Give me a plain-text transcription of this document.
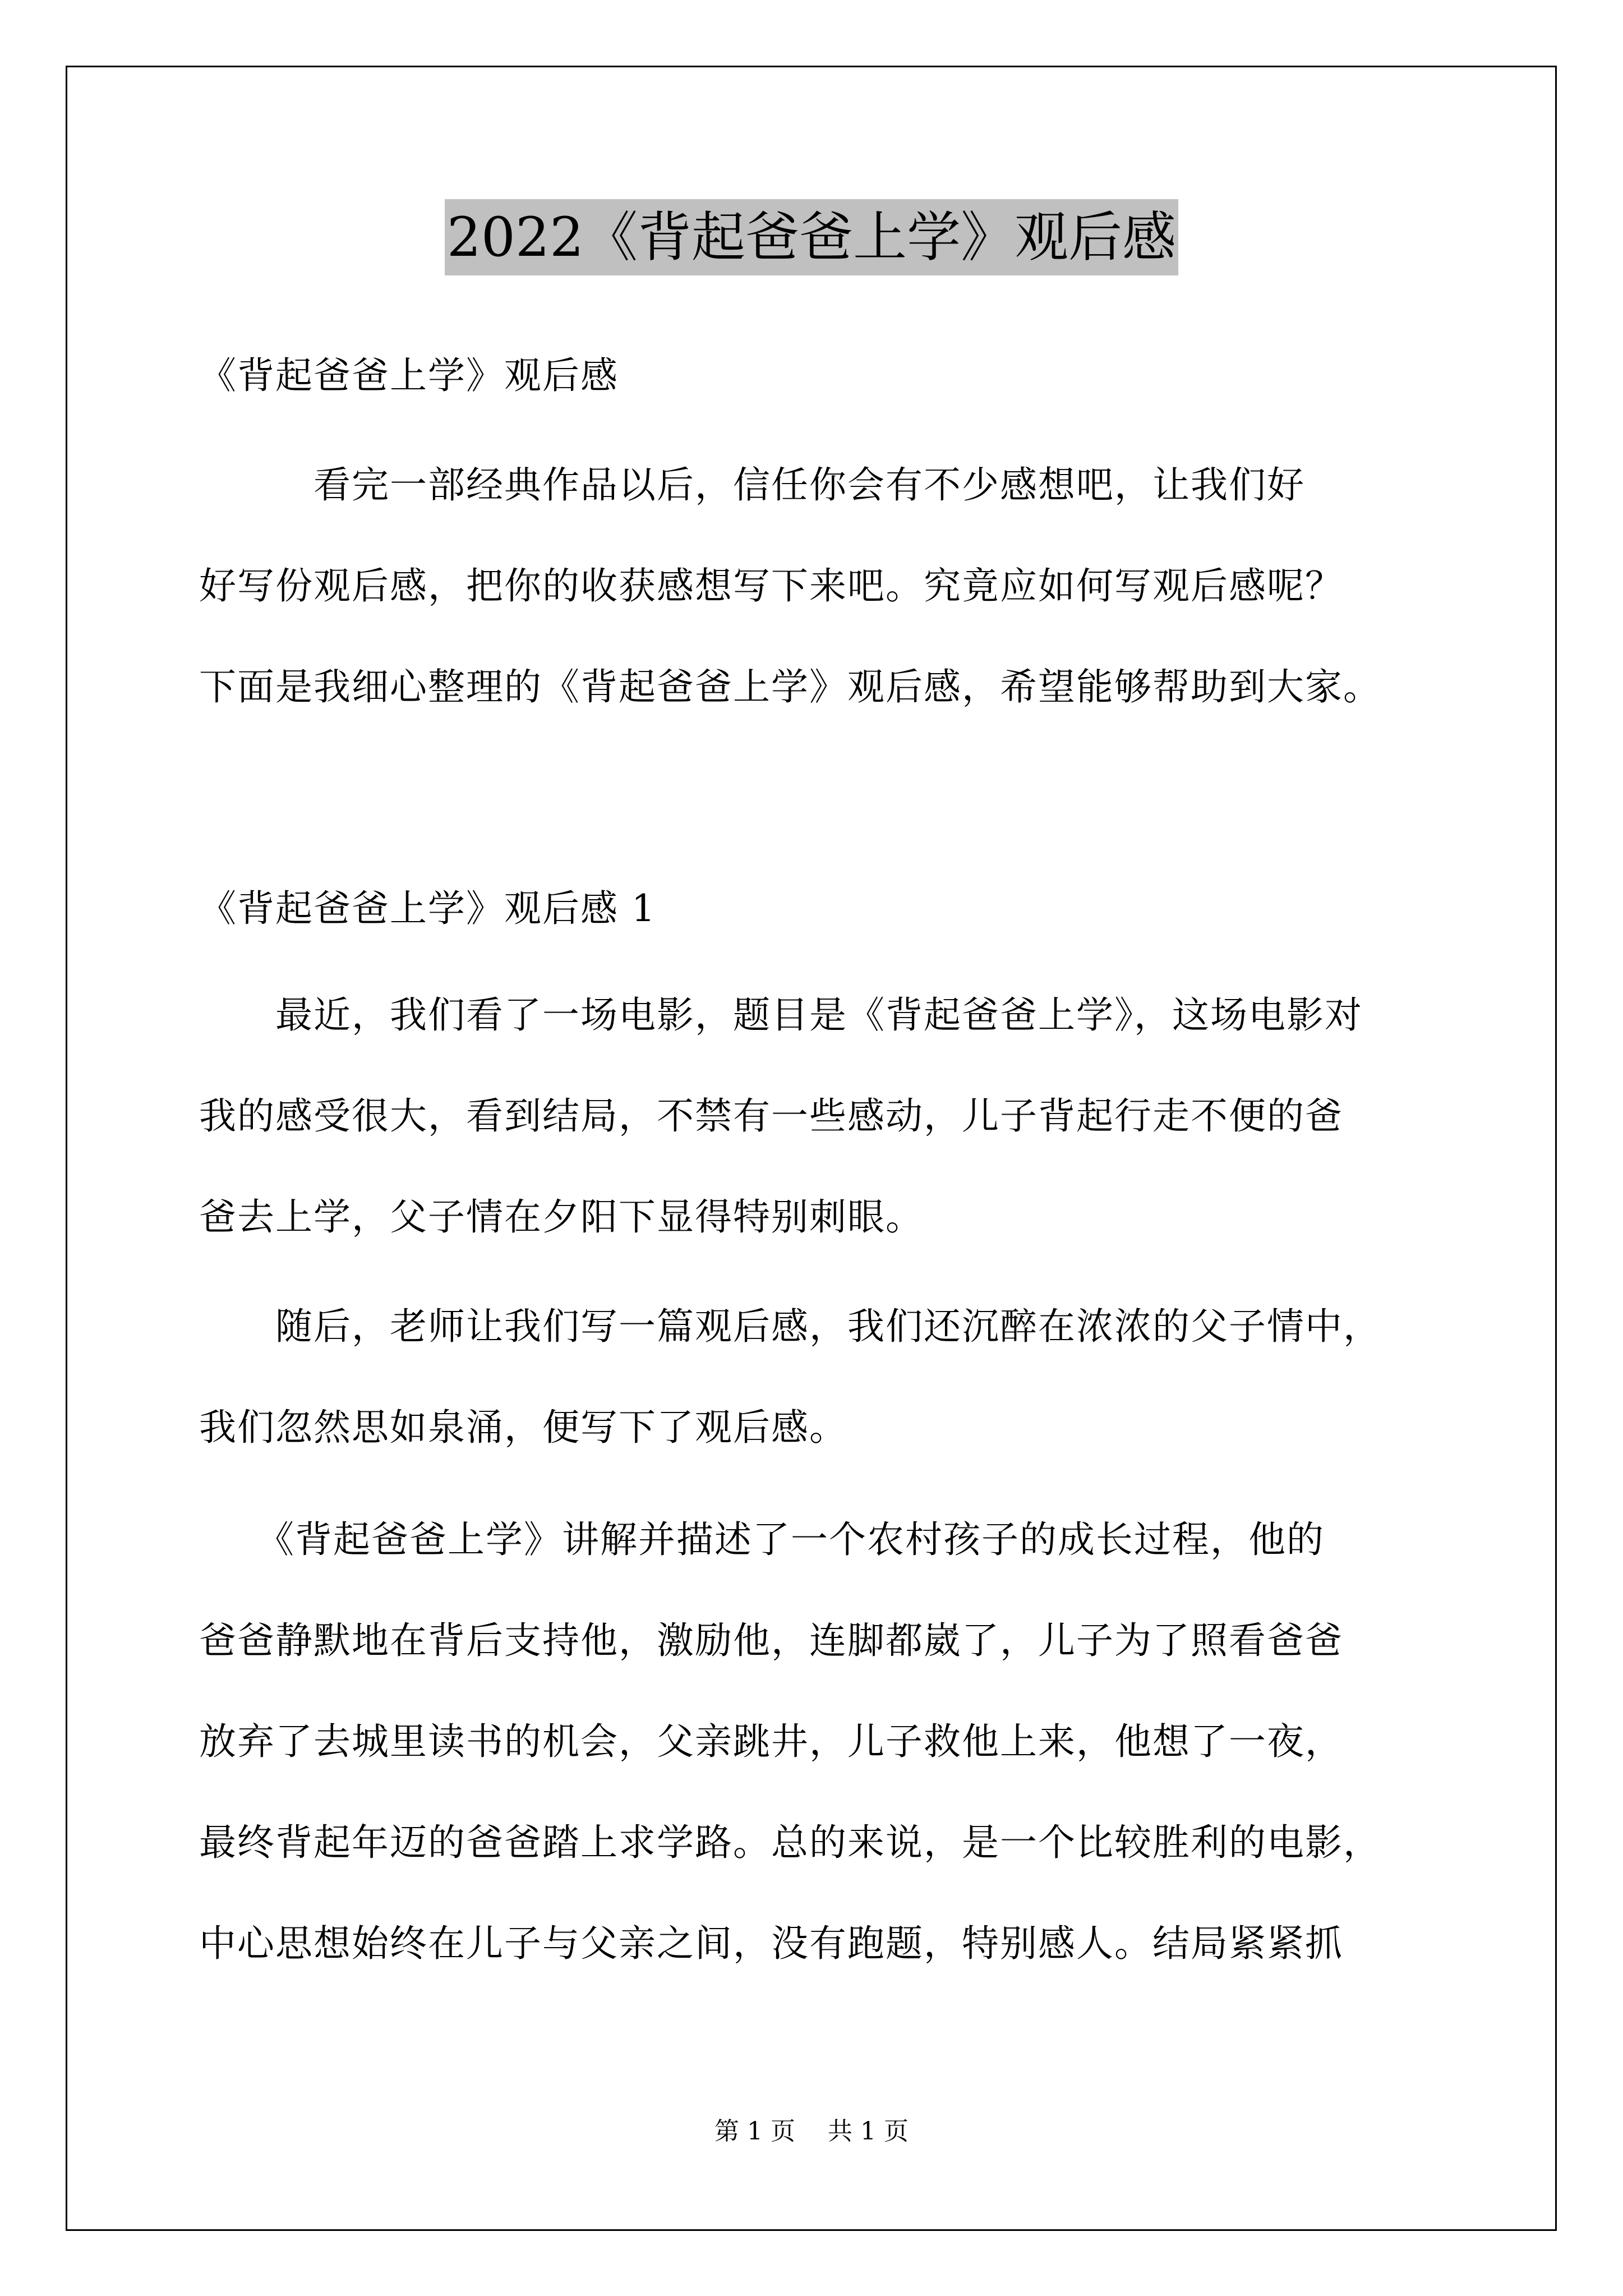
2022《背起爸爸上学》观后感
《背起爸爸上学》观后感
　　　看完一部经典作品以后，信任你会有不少感想吧，让我们好
好写份观后感，把你的收获感想写下来吧。究竟应如何写观后感呢？
下面是我细心整理的《背起爸爸上学》观后感，希望能够帮助到大家。
《背起爸爸上学》观后感 1
　　最近，我们看了一场电影，题目是《背起爸爸上学》，这场电影对
我的感受很大，看到结局，不禁有一些感动，儿子背起行走不便的爸
爸去上学，父子情在夕阳下显得特别刺眼。
　　随后，老师让我们写一篇观后感，我们还沉醉在浓浓的父子情中，
我们忽然思如泉涌，便写下了观后感。
　　《背起爸爸上学》讲解并描述了一个农村孩子的成长过程，他的
爸爸静默地在背后支持他，激励他，连脚都崴了，儿子为了照看爸爸
放弃了去城里读书的机会，父亲跳井，儿子救他上来，他想了一夜，
最终背起年迈的爸爸踏上求学路。总的来说，是一个比较胜利的电影，
中心思想始终在儿子与父亲之间，没有跑题，特别感人。结局紧紧抓
第 1 页　 共 1 页
